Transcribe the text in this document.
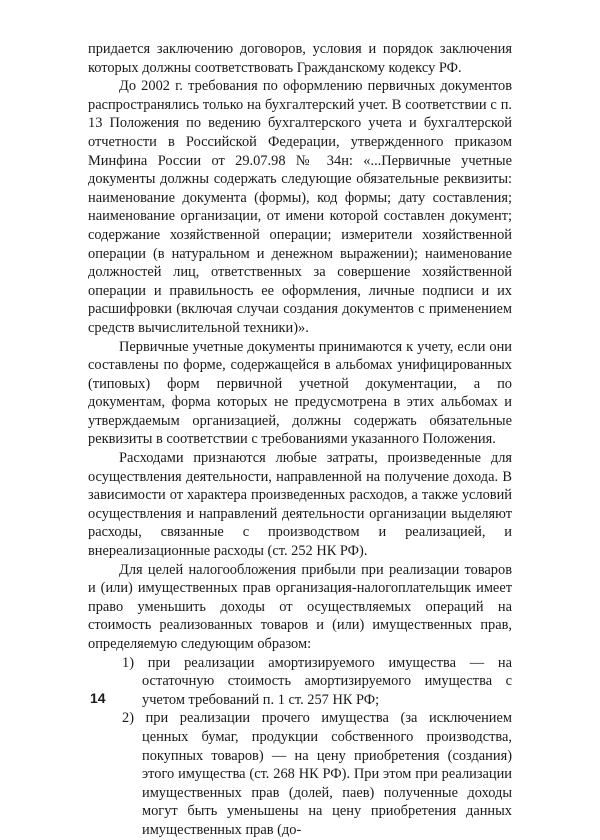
придается заключению договоров, условия и порядок заключения которых должны соответствовать Гражданскому кодексу РФ.

До 2002 г. требования по оформлению первичных документов распространялись только на бухгалтерский учет. В соответствии с п. 13 Положения по ведению бухгалтерского учета и бухгалтерской отчетности в Российской Федерации, утвержденного приказом Минфина России от 29.07.98 № 34н: «...Первичные учетные документы должны содержать следующие обязательные реквизиты: наименование документа (формы), код формы; дату составления; наименование организации, от имени которой составлен документ; содержание хозяйственной операции; измерители хозяйственной операции (в натуральном и денежном выражении); наименование должностей лиц, ответственных за совершение хозяйственной операции и правильность ее оформления, личные подписи и их расшифровки (включая случаи создания документов с применением средств вычислительной техники)».

Первичные учетные документы принимаются к учету, если они составлены по форме, содержащейся в альбомах унифицированных (типовых) форм первичной учетной документации, а по документам, форма которых не предусмотрена в этих альбомах и утверждаемым организацией, должны содержать обязательные реквизиты в соответствии с требованиями указанного Положения.

Расходами признаются любые затраты, произведенные для осуществления деятельности, направленной на получение дохода. В зависимости от характера произведенных расходов, а также условий осуществления и направлений деятельности организации выделяют расходы, связанные с производством и реализацией, и внереализационные расходы (ст. 252 НК РФ).

Для целей налогообложения прибыли при реализации товаров и (или) имущественных прав организация-налогоплательщик имеет право уменьшить доходы от осуществляемых операций на стоимость реализованных товаров и (или) имущественных прав, определяемую следующим образом:

1) при реализации амортизируемого имущества — на остаточную стоимость амортизируемого имущества с учетом требований п. 1 ст. 257 НК РФ;

2) при реализации прочего имущества (за исключением ценных бумаг, продукции собственного производства, покупных товаров) — на цену приобретения (создания) этого имущества (ст. 268 НК РФ). При этом при реализации имущественных прав (долей, паев) полученные доходы могут быть уменьшены на цену приобретения данных имущественных прав (до-

14
